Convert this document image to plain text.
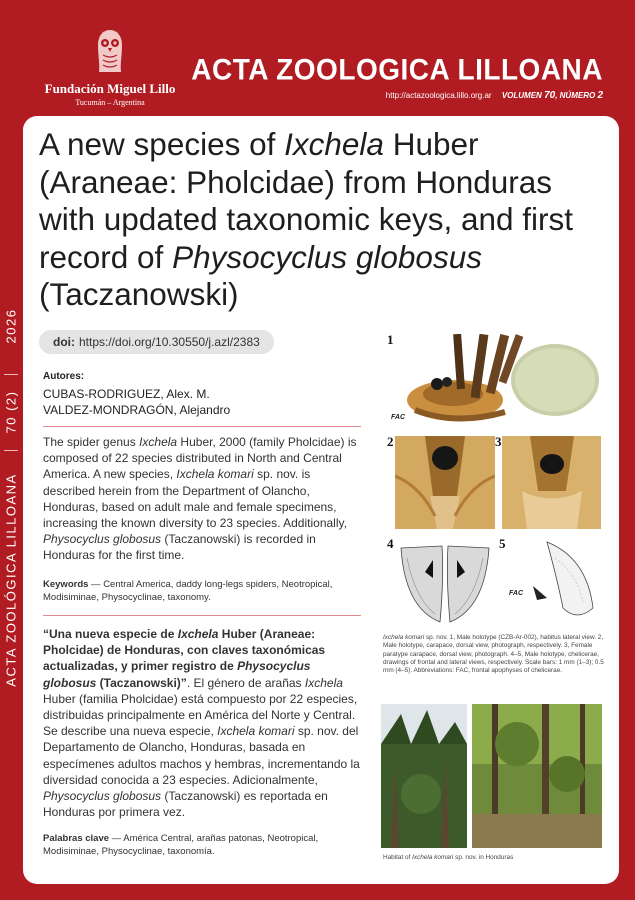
2026
70 (2)
ACTA ZOOLÓGICA LILLOANA
Fundación Miguel Lillo
Tucumán – Argentina
ACTA ZOOLOGICA LILLOANA
http://actazoologica.lillo.org.ar VOLUMEN 70, NÚMERO 2
A new species of Ixchela Huber (Araneae: Pholcidae) from Honduras with updated taxonomic keys, and first record of Physocyclus globosus (Taczanowski)
doi: https://doi.org/10.30550/j.azl/2383
Autores:
CUBAS-RODRIGUEZ, Alex. M.
VALDEZ-MONDRAGÓN, Alejandro
The spider genus Ixchela Huber, 2000 (family Pholcidae) is composed of 22 species distributed in North and Central America. A new species, Ixchela komari sp. nov. is described herein from the Department of Olancho, Honduras, based on adult male and female specimens, increasing the known diversity to 23 species. Additionally, Physocyclus globosus (Taczanowski) is recorded in Honduras for the first time.
Keywords — Central America, daddy long-legs spiders, Neotropical, Modisiminae, Physocyclinae, taxonomy.
“Una nueva especie de Ixchela Huber (Araneae: Pholcidae) de Honduras, con claves taxonómicas actualizadas, y primer registro de Physocyclus globosus (Taczanowski)”. El género de arañas Ixchela Huber (familia Pholcidae) está compuesto por 22 especies, distribuidas principalmente en América del Norte y Central. Se describe una nueva especie, Ixchela komari sp. nov. del Departamento de Olancho, Honduras, basada en especímenes adultos machos y hembras, incrementando la diversidad conocida a 23 especies. Adicionalmente, Physocyclus globosus (Taczanowski) es reportada en Honduras por primera vez.
Palabras clave — América Central, arañas patonas, Neotropical, Modisiminae, Physocyclinae, taxonomía.
1
FAC
2	3
4	5
FAC
Ixchela komari sp. nov. 1, Male holotype (CZB-Ar-002), habitus lateral view. 2, Male holotype, carapace, dorsal view, photograph, respectively. 3, Female paratype carapace, dorsal view, photograph. 4–5, Male holotype, chelicerae, drawings of frontal and lateral views, respectively. Scale bars: 1 mm (1–3); 0.5 mm (4–5). Abbreviations: FAC, frontal apophyses of chelicerae.
Habitat of Ixchela komari sp. nov. in Honduras
